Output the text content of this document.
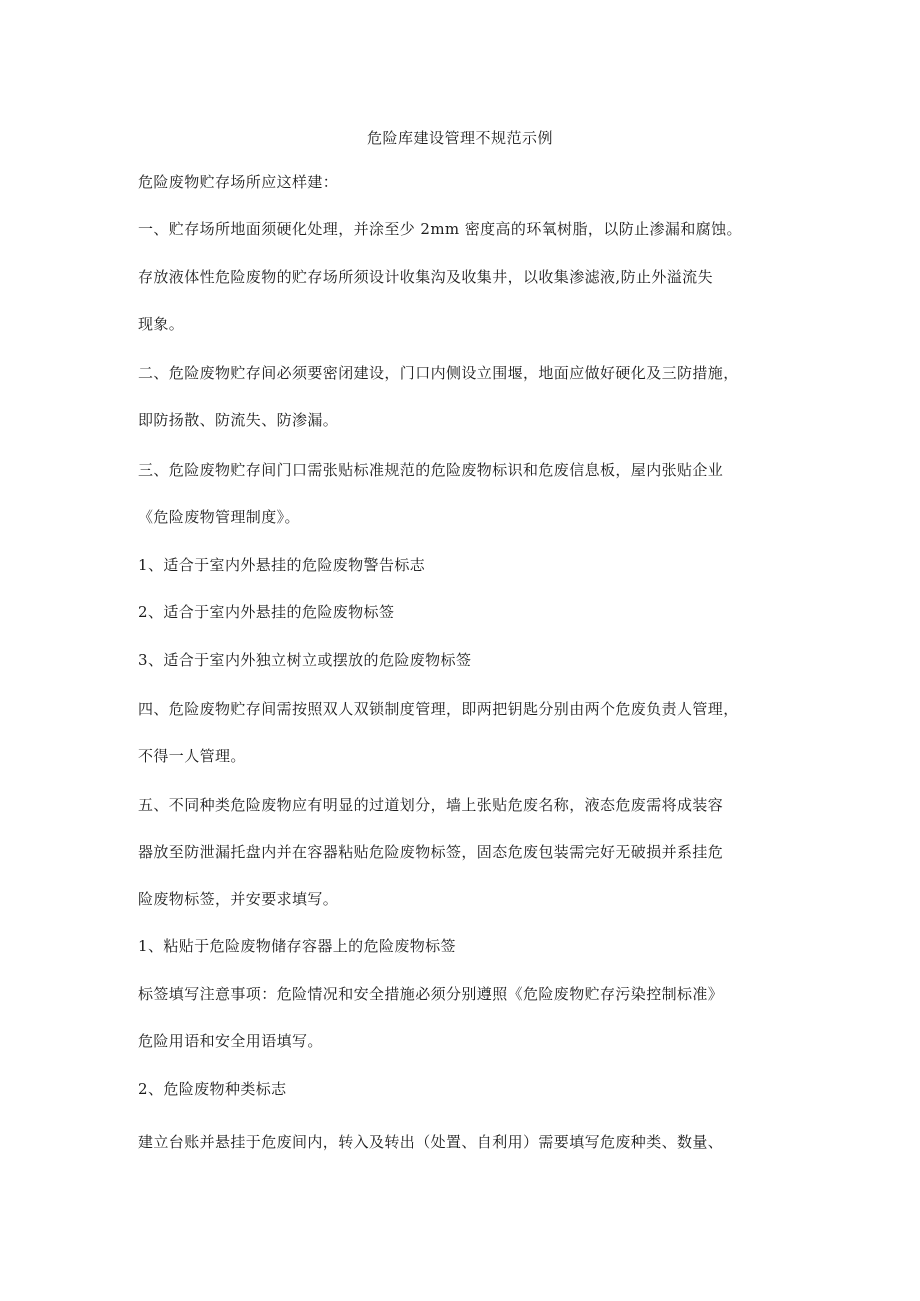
危险库建设管理不规范示例
危险废物贮存场所应这样建：
一、贮存场所地面须硬化处理，并涂至少 2mm 密度高的环氧树脂，以防止渗漏和腐蚀。
存放液体性危险废物的贮存场所须设计收集沟及收集井，以收集渗滤液,防止外溢流失
现象。
二、危险废物贮存间必须要密闭建设，门口内侧设立围堰，地面应做好硬化及三防措施，
即防扬散、防流失、防渗漏。
三、危险废物贮存间门口需张贴标准规范的危险废物标识和危废信息板，屋内张贴企业
《危险废物管理制度》。
1、适合于室内外悬挂的危险废物警告标志
2、适合于室内外悬挂的危险废物标签
3、适合于室内外独立树立或摆放的危险废物标签
四、危险废物贮存间需按照双人双锁制度管理，即两把钥匙分别由两个危废负责人管理，
不得一人管理。
五、不同种类危险废物应有明显的过道划分，墙上张贴危废名称，液态危废需将成装容
器放至防泄漏托盘内并在容器粘贴危险废物标签，固态危废包装需完好无破损并系挂危
险废物标签，并安要求填写。
1、粘贴于危险废物储存容器上的危险废物标签
标签填写注意事项：危险情况和安全措施必须分别遵照《危险废物贮存污染控制标准》
危险用语和安全用语填写。
2、危险废物种类标志
建立台账并悬挂于危废间内，转入及转出（处置、自利用）需要填写危废种类、数量、
